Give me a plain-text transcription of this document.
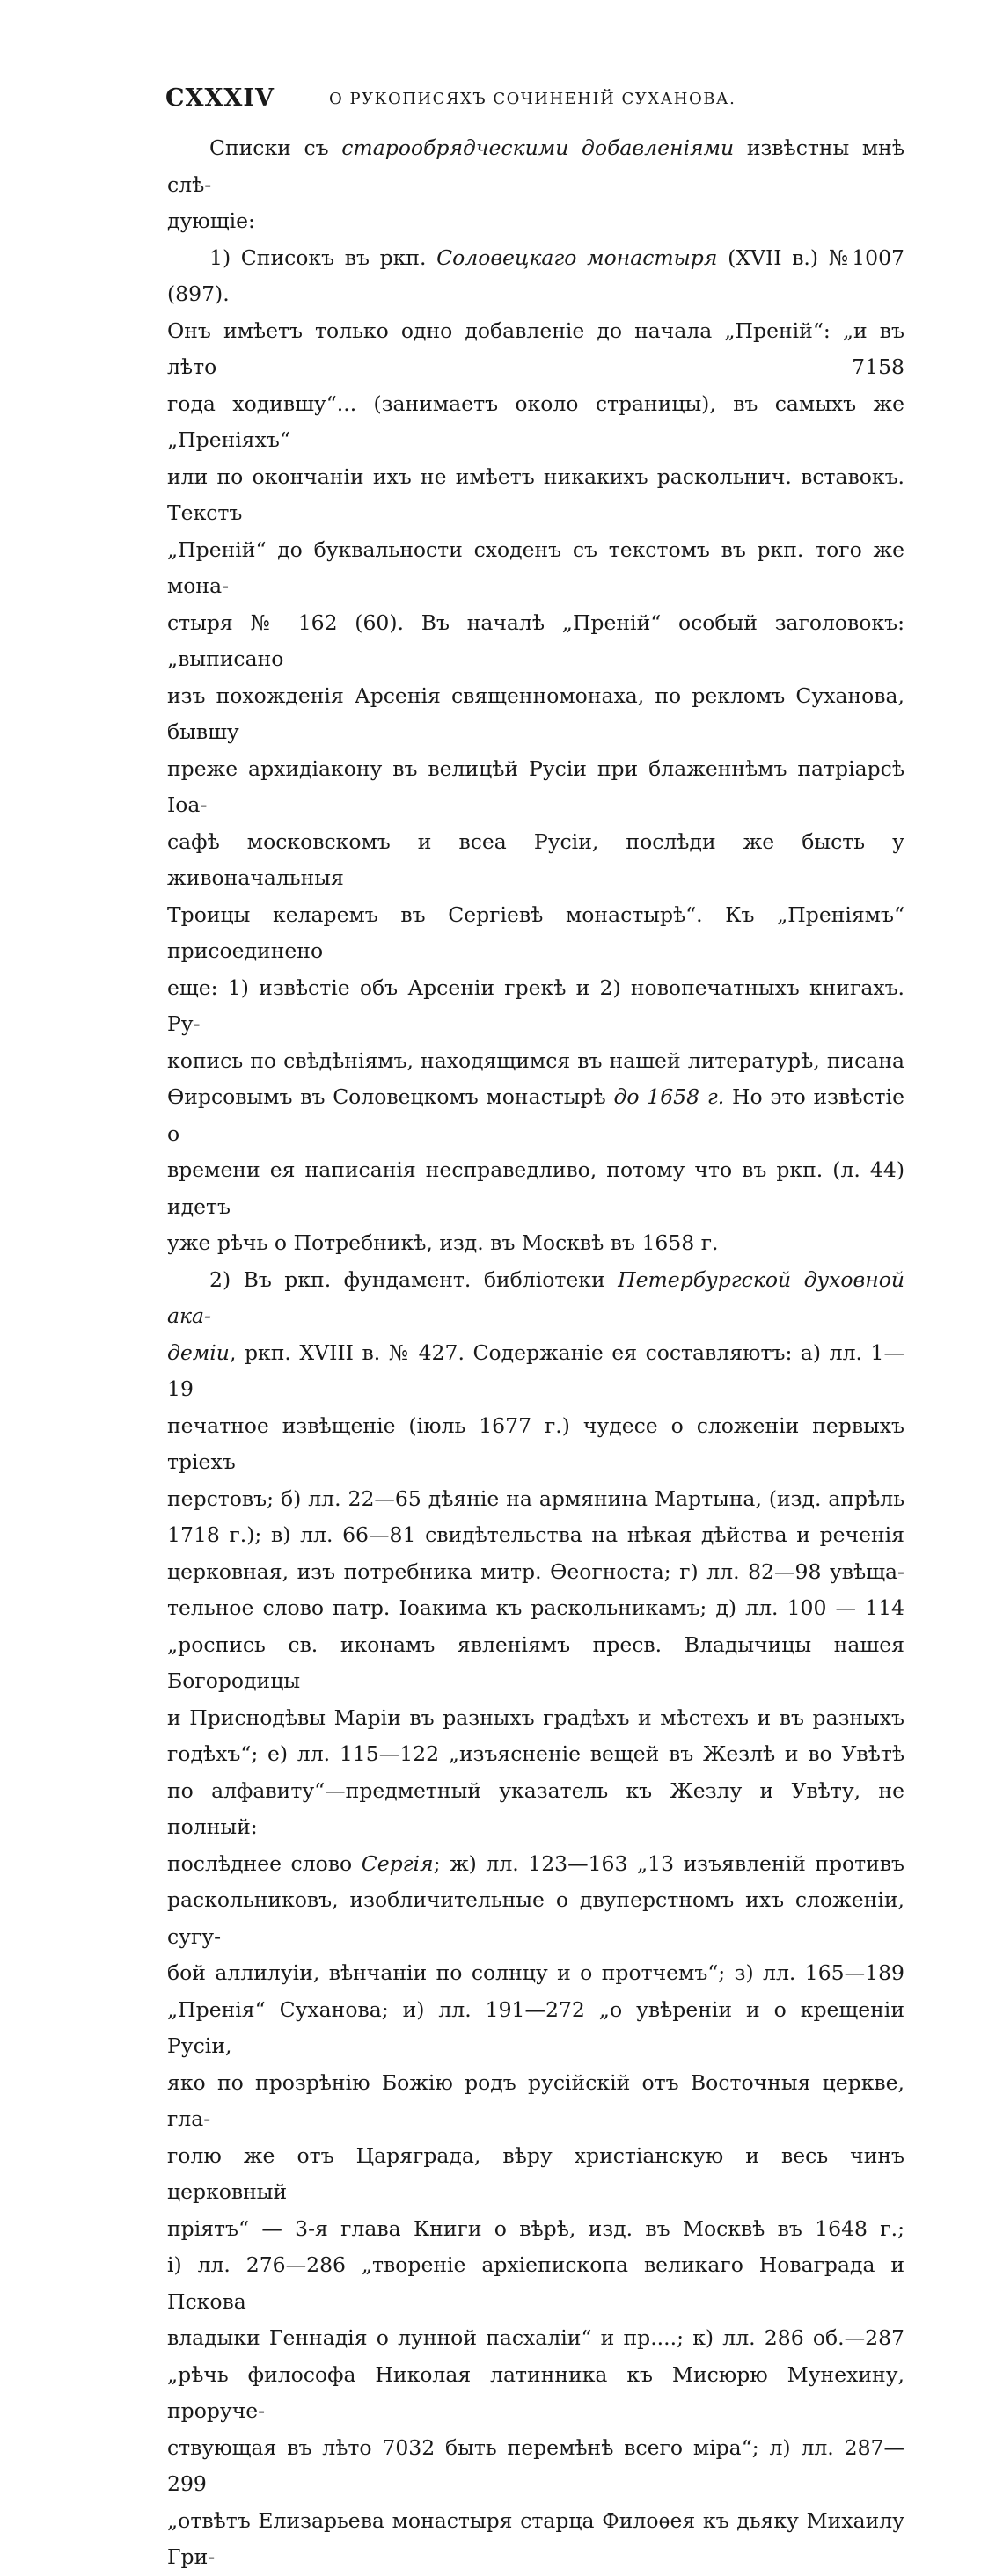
CXXXIV	О РУКОПИСЯХЪ СОЧИНЕНІЙ СУХАНОВА.
Списки съ старообрядческими добавленіями извѣстны мнѣ слѣ-
дующіе:
1) Списокъ въ ркп. Соловецкаго монастыря (XVII в.) №1007 (897).
Онъ имѣетъ только одно добавленіе до начала „Преній“: „и въ лѣто 7158
года ходившу“... (занимаетъ около страницы), въ самыхъ же „Преніяхъ“
или по окончаніи ихъ не имѣетъ никакихъ раскольнич. вставокъ. Текстъ
„Преній“ до буквальности сходенъ съ текстомъ въ ркп. того же мона-
стыря № 162 (60). Въ началѣ „Преній“ особый заголовокъ: „выписано
изъ похожденія Арсенія священномонаха, по рекломъ Суханова, бывшу
преже архидіакону въ велицѣй Русіи при блаженнѣмъ патріарсѣ Іоа-
сафѣ московскомъ и всеа Русіи, послѣди же бысть у живоначальныя
Троицы келаремъ въ Сергіевѣ монастырѣ“. Къ „Преніямъ“ присоединено
еще: 1) извѣстіе объ Арсеніи грекѣ и 2) новопечатныхъ книгахъ. Ру-
копись по свѣдѣніямъ, находящимся въ нашей литературѣ, писана
Ѳирсовымъ въ Соловецкомъ монастырѣ до 1658 г. Но это извѣстіе о
времени ея написанія несправедливо, потому что въ ркп. (л. 44) идетъ
уже рѣчь о Потребникѣ, изд. въ Москвѣ въ 1658 г.
2) Въ ркп. фундамент. библіотеки Петербургской духовной ака-
деміи, ркп. XVIII в. № 427. Содержаніе ея составляютъ: а) лл. 1—19
печатное извѣщеніе (іюль 1677 г.) чудесе о сложеніи первыхъ тріехъ
перстовъ; б) лл. 22—65 дѣяніе на армянина Мартына, (изд. апрѣль
1718 г.); в) лл. 66—81 свидѣтельства на нѣкая дѣйства и реченія
церковная, изъ потребника митр. Ѳеогноста; г) лл. 82—98 увѣща-
тельное слово патр. Іоакима къ раскольникамъ; д) лл. 100 — 114
„роспись св. иконамъ явленіямъ пресв. Владычицы нашея Богородицы
и Приснодѣвы Маріи въ разныхъ градѣхъ и мѣстехъ и въ разныхъ
годѣхъ“; е) лл. 115—122 „изъясненіе вещей въ Жезлѣ и во Увѣтѣ
по алфавиту“—предметный указатель къ Жезлу и Увѣту, не полный:
послѣднее слово Сергія; ж) лл. 123—163 „13 изъявленій противъ
раскольниковъ, изобличительные о двуперстномъ ихъ сложеніи, сугу-
бой аллилуіи, вѣнчаніи по солнцу и о протчемъ“; з) лл. 165—189
„Пренія“ Суханова; и) лл. 191—272 „о увѣреніи и о крещеніи Русіи,
яко по прозрѣнію Божію родъ русійскій отъ Восточныя церкве, гла-
голю же отъ Царяграда, вѣру христіанскую и весь чинъ церковный
пріятъ“ — 3-я глава Книги о вѣрѣ, изд. въ Москвѣ въ 1648 г.;
і) лл. 276—286 „твореніе архіепископа великаго Новаграда и Пскова
владыки Геннадія о лунной пасхаліи“ и пр....; к) лл. 286 об.—287
„рѣчь философа Николая латинника къ Мисюрю Мунехину, проруче-
ствующая въ лѣто 7032 быть перемѣнѣ всего міра“; л) лл. 287—299
„отвѣтъ Елизарьева монастыря старца Филоѳея къ дьяку Михаилу Гри-
